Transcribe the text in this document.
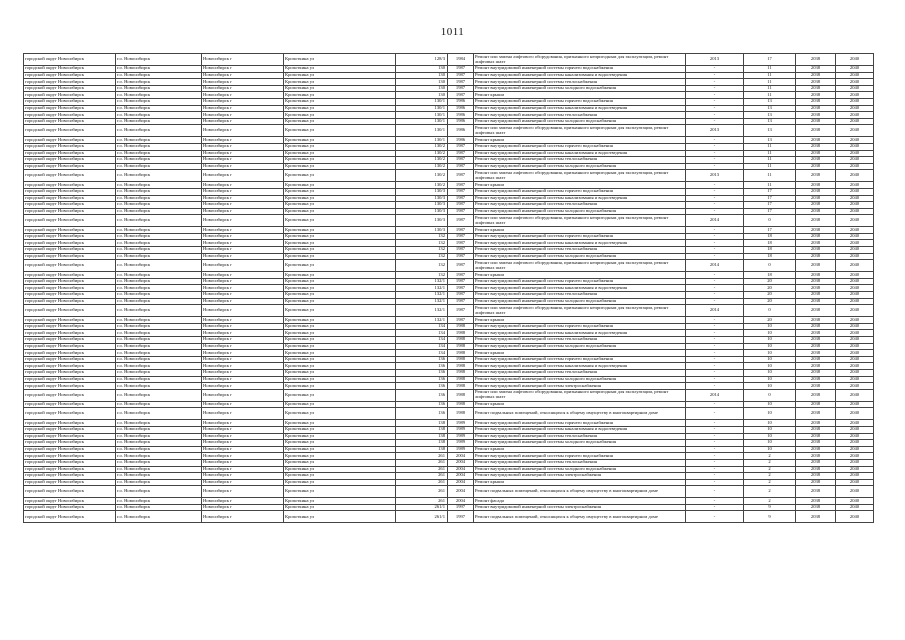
1011
городской округ Новосибирск	г.о. Новосибирск	Новосибирск г	Кропоткина ул	128/3	1984	Ремонт или замена лифтового оборудования, признанного непригодным для эксплуатации, ремонт лифтовых шахт	2013	17	2038	2040
городской округ Новосибирск	г.о. Новосибирск	Новосибирск г	Кропоткина ул	130	1987	Ремонт внутридомовой инженерной системы горячего водоснабжения	-	11	2038	2040
городской округ Новосибирск	г.о. Новосибирск	Новосибирск г	Кропоткина ул	130	1987	Ремонт внутридомовой инженерной системы канализования и водоотведения	-	11	2038	2040
городской округ Новосибирск	г.о. Новосибирск	Новосибирск г	Кропоткина ул	130	1987	Ремонт внутридомовой инженерной системы теплоснабжения	-	11	2038	2040
городской округ Новосибирск	г.о. Новосибирск	Новосибирск г	Кропоткина ул	130	1987	Ремонт внутридомовой инженерной системы холодного водоснабжения	-	11	2038	2040
городской округ Новосибирск	г.о. Новосибирск	Новосибирск г	Кропоткина ул	130	1987	Ремонт крыши	-	11	2038	2040
городской округ Новосибирск	г.о. Новосибирск	Новосибирск г	Кропоткина ул	130/1	1986	Ремонт внутридомовой инженерной системы горячего водоснабжения	-	13	2038	2040
городской округ Новосибирск	г.о. Новосибирск	Новосибирск г	Кропоткина ул	130/1	1986	Ремонт внутридомовой инженерной системы канализования и водоотведения	-	13	2038	2040
городской округ Новосибирск	г.о. Новосибирск	Новосибирск г	Кропоткина ул	130/1	1986	Ремонт внутридомовой инженерной системы теплоснабжения	-	13	2038	2040
городской округ Новосибирск	г.о. Новосибирск	Новосибирск г	Кропоткина ул	130/1	1986	Ремонт внутридомовой инженерной системы холодного водоснабжения	-	13	2038	2040
городской округ Новосибирск	г.о. Новосибирск	Новосибирск г	Кропоткина ул	130/1	1986	Ремонт или замена лифтового оборудования, признанного непригодным для эксплуатации, ремонт лифтовых шахт	2013	13	2038	2040
городской округ Новосибирск	г.о. Новосибирск	Новосибирск г	Кропоткина ул	130/1	1986	Ремонт крыши	-	13	2038	2040
городской округ Новосибирск	г.о. Новосибирск	Новосибирск г	Кропоткина ул	130/2	1987	Ремонт внутридомовой инженерной системы горячего водоснабжения	-	11	2038	2040
городской округ Новосибирск	г.о. Новосибирск	Новосибирск г	Кропоткина ул	130/2	1987	Ремонт внутридомовой инженерной системы канализования и водоотведения	-	11	2038	2040
городской округ Новосибирск	г.о. Новосибирск	Новосибирск г	Кропоткина ул	130/2	1987	Ремонт внутридомовой инженерной системы теплоснабжения	-	11	2038	2040
городской округ Новосибирск	г.о. Новосибирск	Новосибирск г	Кропоткина ул	130/2	1987	Ремонт внутридомовой инженерной системы холодного водоснабжения	-	11	2038	2040
городской округ Новосибирск	г.о. Новосибирск	Новосибирск г	Кропоткина ул	130/2	1987	Ремонт или замена лифтового оборудования, признанного непригодным для эксплуатации, ремонт лифтовых шахт	2013	11	2038	2040
городской округ Новосибирск	г.о. Новосибирск	Новосибирск г	Кропоткина ул	130/2	1987	Ремонт крыши	-	11	2038	2040
городской округ Новосибирск	г.о. Новосибирск	Новосибирск г	Кропоткина ул	130/3	1987	Ремонт внутридомовой инженерной системы горячего водоснабжения	-	17	2038	2040
городской округ Новосибирск	г.о. Новосибирск	Новосибирск г	Кропоткина ул	130/3	1987	Ремонт внутридомовой инженерной системы канализования и водоотведения	-	17	2038	2040
городской округ Новосибирск	г.о. Новосибирск	Новосибирск г	Кропоткина ул	130/3	1987	Ремонт внутридомовой инженерной системы теплоснабжения	-	17	2038	2040
городской округ Новосибирск	г.о. Новосибирск	Новосибирск г	Кропоткина ул	130/3	1987	Ремонт внутридомовой инженерной системы холодного водоснабжения	-	17	2038	2040
городской округ Новосибирск	г.о. Новосибирск	Новосибирск г	Кропоткина ул	130/3	1987	Ремонт или замена лифтового оборудования, признанного непригодным для эксплуатации, ремонт лифтовых шахт	2014	0	2038	2040
городской округ Новосибирск	г.о. Новосибирск	Новосибирск г	Кропоткина ул	130/3	1987	Ремонт крыши	-	17	2038	2040
городской округ Новосибирск	г.о. Новосибирск	Новосибирск г	Кропоткина ул	132	1987	Ремонт внутридомовой инженерной системы горячего водоснабжения	-	18	2038	2040
городской округ Новосибирск	г.о. Новосибирск	Новосибирск г	Кропоткина ул	132	1987	Ремонт внутридомовой инженерной системы канализования и водоотведения	-	18	2038	2040
городской округ Новосибирск	г.о. Новосибирск	Новосибирск г	Кропоткина ул	132	1987	Ремонт внутридомовой инженерной системы теплоснабжения	-	18	2038	2040
городской округ Новосибирск	г.о. Новосибирск	Новосибирск г	Кропоткина ул	132	1987	Ремонт внутридомовой инженерной системы холодного водоснабжения	-	18	2038	2040
городской округ Новосибирск	г.о. Новосибирск	Новосибирск г	Кропоткина ул	132	1987	Ремонт или замена лифтового оборудования, признанного непригодным для эксплуатации, ремонт лифтовых шахт	2014	0	2038	2040
городской округ Новосибирск	г.о. Новосибирск	Новосибирск г	Кропоткина ул	132	1987	Ремонт крыши	-	18	2038	2040
городской округ Новосибирск	г.о. Новосибирск	Новосибирск г	Кропоткина ул	132/1	1987	Ремонт внутридомовой инженерной системы горячего водоснабжения	-	20	2038	2040
городской округ Новосибирск	г.о. Новосибирск	Новосибирск г	Кропоткина ул	132/1	1987	Ремонт внутридомовой инженерной системы канализования и водоотведения	-	20	2038	2040
городской округ Новосибирск	г.о. Новосибирск	Новосибирск г	Кропоткина ул	132/1	1987	Ремонт внутридомовой инженерной системы теплоснабжения	-	20	2038	2040
городской округ Новосибирск	г.о. Новосибирск	Новосибирск г	Кропоткина ул	132/1	1987	Ремонт внутридомовой инженерной системы холодного водоснабжения	-	20	2038	2040
городской округ Новосибирск	г.о. Новосибирск	Новосибирск г	Кропоткина ул	132/1	1987	Ремонт или замена лифтового оборудования, признанного непригодным для эксплуатации, ремонт лифтовых шахт	2014	0	2038	2040
городской округ Новосибирск	г.о. Новосибирск	Новосибирск г	Кропоткина ул	132/1	1987	Ремонт крыши	-	20	2038	2040
городской округ Новосибирск	г.о. Новосибирск	Новосибирск г	Кропоткина ул	134	1988	Ремонт внутридомовой инженерной системы горячего водоснабжения	-	10	2038	2040
городской округ Новосибирск	г.о. Новосибирск	Новосибирск г	Кропоткина ул	134	1988	Ремонт внутридомовой инженерной системы канализования и водоотведения	-	10	2038	2040
городской округ Новосибирск	г.о. Новосибирск	Новосибирск г	Кропоткина ул	134	1988	Ремонт внутридомовой инженерной системы теплоснабжения	-	10	2038	2040
городской округ Новосибирск	г.о. Новосибирск	Новосибирск г	Кропоткина ул	134	1988	Ремонт внутридомовой инженерной системы холодного водоснабжения	-	10	2038	2040
городской округ Новосибирск	г.о. Новосибирск	Новосибирск г	Кропоткина ул	134	1988	Ремонт крыши	-	10	2038	2040
городской округ Новосибирск	г.о. Новосибирск	Новосибирск г	Кропоткина ул	136	1988	Ремонт внутридомовой инженерной системы горячего водоснабжения	-	10	2038	2040
городской округ Новосибирск	г.о. Новосибирск	Новосибирск г	Кропоткина ул	136	1988	Ремонт внутридомовой инженерной системы канализования и водоотведения	-	10	2038	2040
городской округ Новосибирск	г.о. Новосибирск	Новосибирск г	Кропоткина ул	136	1988	Ремонт внутридомовой инженерной системы теплоснабжения	-	10	2038	2040
городской округ Новосибирск	г.о. Новосибирск	Новосибирск г	Кропоткина ул	136	1988	Ремонт внутридомовой инженерной системы холодного водоснабжения	-	10	2038	2040
городской округ Новосибирск	г.о. Новосибирск	Новосибирск г	Кропоткина ул	136	1988	Ремонт внутридомовой инженерной системы электроснабжения	-	10	2038	2040
городской округ Новосибирск	г.о. Новосибирск	Новосибирск г	Кропоткина ул	136	1988	Ремонт или замена лифтового оборудования, признанного непригодным для эксплуатации, ремонт лифтовых шахт	2014	0	2038	2040
городской округ Новосибирск	г.о. Новосибирск	Новосибирск г	Кропоткина ул	136	1988	Ремонт крыши	-	10	2038	2040
городской округ Новосибирск	г.о. Новосибирск	Новосибирск г	Кропоткина ул	136	1988	Ремонт подвальных помещений, относящихся к общему имуществу в многоквартирном доме	-	10	2038	2040
городской округ Новосибирск	г.о. Новосибирск	Новосибирск г	Кропоткина ул	138	1989	Ремонт внутридомовой инженерной системы горячего водоснабжения	-	10	2038	2040
городской округ Новосибирск	г.о. Новосибирск	Новосибирск г	Кропоткина ул	138	1989	Ремонт внутридомовой инженерной системы канализования и водоотведения	-	10	2038	2040
городской округ Новосибирск	г.о. Новосибирск	Новосибирск г	Кропоткина ул	138	1989	Ремонт внутридомовой инженерной системы теплоснабжения	-	10	2038	2040
городской округ Новосибирск	г.о. Новосибирск	Новосибирск г	Кропоткина ул	138	1989	Ремонт внутридомовой инженерной системы холодного водоснабжения	-	10	2038	2040
городской округ Новосибирск	г.о. Новосибирск	Новосибирск г	Кропоткина ул	138	1989	Ремонт крыши	-	10	2038	2040
городской округ Новосибирск	г.о. Новосибирск	Новосибирск г	Кропоткина ул	261	2004	Ремонт внутридомовой инженерной системы горячего водоснабжения	-	2	2038	2040
городской округ Новосибирск	г.о. Новосибирск	Новосибирск г	Кропоткина ул	261	2004	Ремонт внутридомовой инженерной системы теплоснабжения	-	2	2038	2040
городской округ Новосибирск	г.о. Новосибирск	Новосибирск г	Кропоткина ул	261	2004	Ремонт внутридомовой инженерной системы холодного водоснабжения	-	2	2038	2040
городской округ Новосибирск	г.о. Новосибирск	Новосибирск г	Кропоткина ул	261	2004	Ремонт внутридомовой инженерной системы электроснабжения	-	2	2038	2040
городской округ Новосибирск	г.о. Новосибирск	Новосибирск г	Кропоткина ул	261	2004	Ремонт крыши	-	2	2038	2040
городской округ Новосибирск	г.о. Новосибирск	Новосибирск г	Кропоткина ул	261	2004	Ремонт подвальных помещений, относящихся к общему имуществу в многоквартирном доме	-	2	2038	2040
городской округ Новосибирск	г.о. Новосибирск	Новосибирск г	Кропоткина ул	261	2004	Ремонт фасада	-	2	2038	2040
городской округ Новосибирск	г.о. Новосибирск	Новосибирск г	Кропоткина ул	261/1	1997	Ремонт внутридомовой инженерной системы электроснабжения	-	9	2038	2040
городской округ Новосибирск	г.о. Новосибирск	Новосибирск г	Кропоткина ул	261/1	1997	Ремонт подвальных помещений, относящихся к общему имуществу в многоквартирном доме	-	9	2038	2040
